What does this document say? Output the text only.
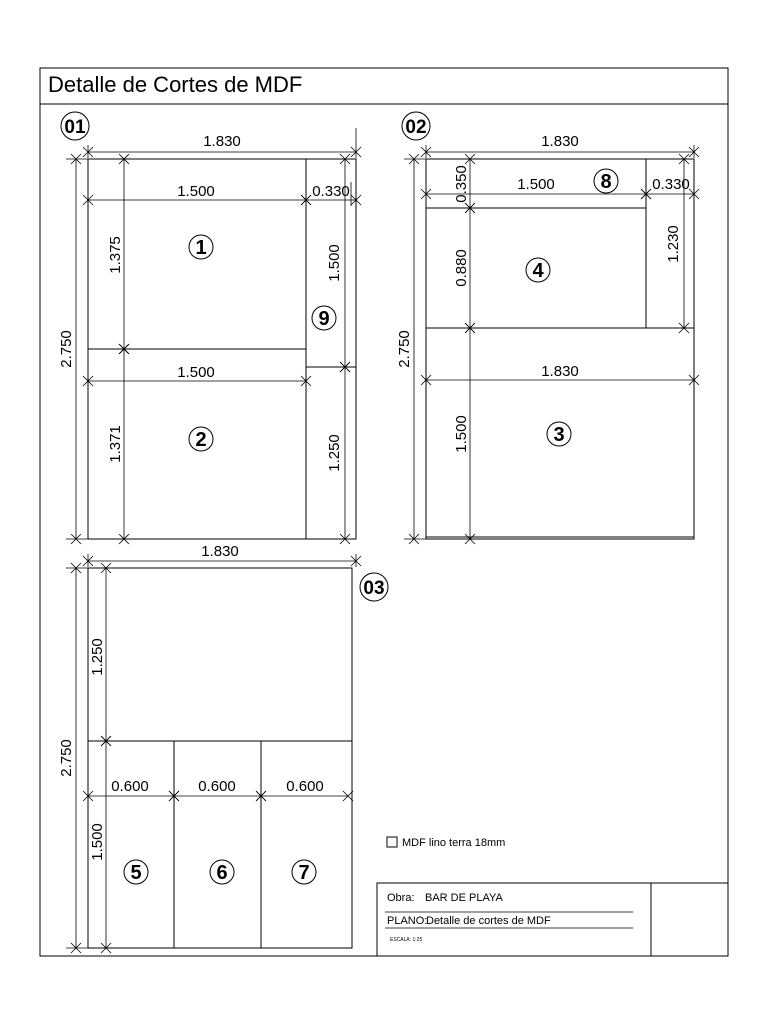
Detalle de Cortes de MDF
01
1.830
2.750
1.500	0.330
1.500
1.375
1.371
1.500
1.250
1
2
9
02
1.830
2.750
0.350	1.500	0.330
1.230
0.880
1.830
1.500
8
4
3
03
1.830
2.750
1.250
1.500
0.600	0.600	0.600
5	6	7
MDF lino terra 18mm
Obra: BAR DE PLAYA
PLANO:
Detalle de cortes de MDF
ESCALA: 1:25
